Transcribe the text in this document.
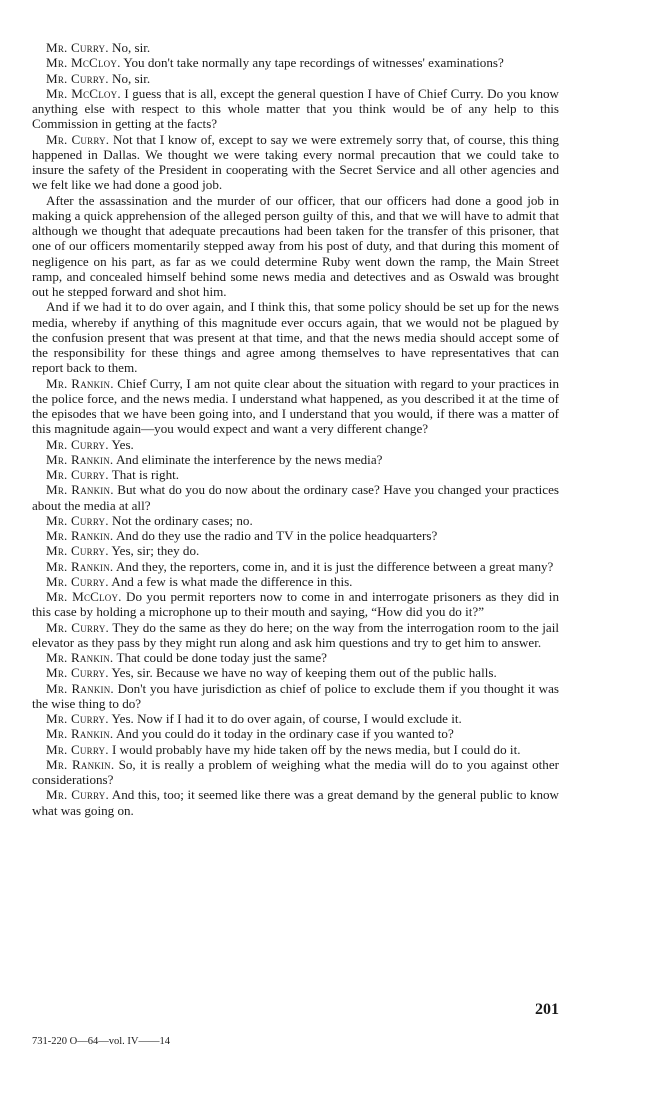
Mr. Curry. No, sir.

Mr. McCloy. You don't take normally any tape recordings of witnesses' examinations?

Mr. Curry. No, sir.

Mr. McCloy. I guess that is all, except the general question I have of Chief Curry. Do you know anything else with respect to this whole matter that you think would be of any help to this Commission in getting at the facts?

Mr. Curry. Not that I know of, except to say we were extremely sorry that, of course, this thing happened in Dallas. We thought we were taking every normal precaution that we could take to insure the safety of the President in cooperating with the Secret Service and all other agencies and we felt like we had done a good job.

After the assassination and the murder of our officer, that our officers had done a good job in making a quick apprehension of the alleged person guilty of this, and that we will have to admit that although we thought that adequate precautions had been taken for the transfer of this prisoner, that one of our officers momentarily stepped away from his post of duty, and that during this moment of negligence on his part, as far as we could determine Ruby went down the ramp, the Main Street ramp, and concealed himself behind some news media and detectives and as Oswald was brought out he stepped forward and shot him.

And if we had it to do over again, and I think this, that some policy should be set up for the news media, whereby if anything of this magnitude ever occurs again, that we would not be plagued by the confusion present that was present at that time, and that the news media should accept some of the responsibility for these things and agree among themselves to have representatives that can report back to them.

Mr. Rankin. Chief Curry, I am not quite clear about the situation with regard to your practices in the police force, and the news media. I understand what happened, as you described it at the time of the episodes that we have been going into, and I understand that you would, if there was a matter of this magnitude again—you would expect and want a very different change?

Mr. Curry. Yes.

Mr. Rankin. And eliminate the interference by the news media?

Mr. Curry. That is right.

Mr. Rankin. But what do you do now about the ordinary case? Have you changed your practices about the media at all?

Mr. Curry. Not the ordinary cases; no.

Mr. Rankin. And do they use the radio and TV in the police headquarters?

Mr. Curry. Yes, sir; they do.

Mr. Rankin. And they, the reporters, come in, and it is just the difference between a great many?

Mr. Curry. And a few is what made the difference in this.

Mr. McCloy. Do you permit reporters now to come in and interrogate prisoners as they did in this case by holding a microphone up to their mouth and saying, “How did you do it?”

Mr. Curry. They do the same as they do here; on the way from the interrogation room to the jail elevator as they pass by they might run along and ask him questions and try to get him to answer.

Mr. Rankin. That could be done today just the same?

Mr. Curry. Yes, sir. Because we have no way of keeping them out of the public halls.

Mr. Rankin. Don't you have jurisdiction as chief of police to exclude them if you thought it was the wise thing to do?

Mr. Curry. Yes. Now if I had it to do over again, of course, I would exclude it.

Mr. Rankin. And you could do it today in the ordinary case if you wanted to?

Mr. Curry. I would probably have my hide taken off by the news media, but I could do it.

Mr. Rankin. So, it is really a problem of weighing what the media will do to you against other considerations?

Mr. Curry. And this, too; it seemed like there was a great demand by the general public to know what was going on.

201
731-220 O—64—vol. IV——14
